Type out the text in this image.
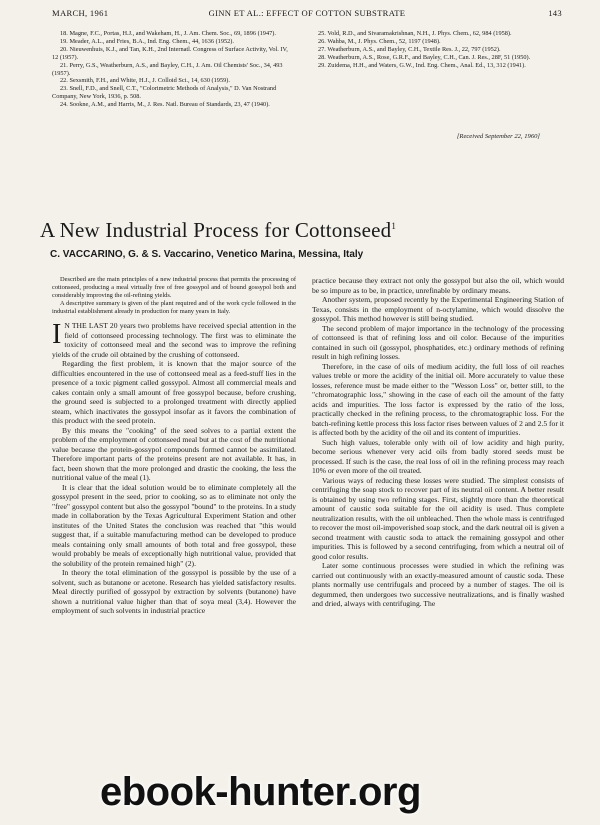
MARCH, 1961	GINN ET AL.: EFFECT OF COTTON SUBSTRATE	143

18. Magne, F.C., Portas, H.J., and Wakeham, H., J. Am. Chem. Soc., 69, 1896 (1947).

19. Meader, A.L., and Fries, B.A., Ind. Eng. Chem., 44, 1636 (1952).

20. Nieuwenhuis, K.J., and Tan, K.H., 2nd Internatl. Congress of Surface Activity, Vol. IV, 12 (1957).

21. Perry, G.S., Weatherburn, A.S., and Bayley, C.H., J. Am. Oil Chemists' Soc., 34, 493 (1957).

22. Sexsmith, F.H., and White, H.J., J. Colloid Sci., 14, 630 (1959).

23. Snell, F.D., and Snell, C.T., "Colorimetric Methods of Analysis," D. Van Nostrand Company, New York, 1936, p. 508.

24. Sookne, A.M., and Harris, M., J. Res. Natl. Bureau of Standards, 23, 47 (1940).

25. Vold, R.D., and Sivaramakrishnan, N.H., J. Phys. Chem., 62, 984 (1958).

26. Wahba, M., J. Phys. Chem., 52, 1197 (1948).

27. Weatherburn, A.S., and Bayley, C.H., Textile Res. J., 22, 797 (1952).

28. Weatherburn, A.S., Rose, G.R.F., and Bayley, C.H., Can. J. Res., 28F, 51 (1950).

29. Zuidema, H.H., and Waters, G.W., Ind. Eng. Chem., Anal. Ed., 13, 312 (1941).

[Received September 22, 1960]
A New Industrial Process for Cottonseed$^1$
C. VACCARINO, G. & S. Vaccarino, Venetico Marina, Messina, Italy

Described are the main principles of a new industrial process that permits the processing of cottonseed, producing a meal virtually free of free gossypol and of bound gossypol both and considerably improving the oil-refining yields.

A descriptive summary is given of the plant required and of the work cycle followed in the industrial establishment already in production for many years in Italy.

I N THE LAST 20 years two problems have received special attention in the field of cottonseed processing technology. The first was to eliminate the toxicity of cottonseed meal and the second was to improve the refining yields of the crude oil obtained by the crushing of cottonseed.

Regarding the first problem, it is known that the major source of the difficulties encountered in the use of cottonseed meal as a feed-stuff lies in the presence of a toxic pigment called gossypol. Almost all commercial meals and cakes contain only a small amount of free gossypol because, before crushing, the ground seed is subjected to a prolonged treatment with directly applied steam, which inactivates the gossypol insofar as it favors the combination of this product with the seed protein.

By this means the "cooking" of the seed solves to a partial extent the problem of the employment of cottonseed meal but at the cost of the nutritional value because the protein-gossypol compounds formed cannot be assimilated. Therefore important parts of the proteins present are not available. It has, in fact, been shown that the more prolonged and drastic the cooking, the less the nutritional value of the meal (1).

It is clear that the ideal solution would be to eliminate completely all the gossypol present in the seed, prior to cooking, so as to eliminate not only the "free" gossypol content but also the gossypol "bound" to the proteins. In a study made in collaboration by the Texas Agricultural Experiment Station and other institutes of the United States the conclusion was reached that "this would suggest that, if a suitable manufacturing method can be developed to produce meals containing only small amounts of both total and free gossypol, these would probably be meals of exceptionally high nutritional value, provided that the solubility of the protein remained high" (2).

In theory the total elimination of the gossypol is possible by the use of a solvent, such as butanone or acetone. Research has yielded satisfactory results. Meal directly purified of gossypol by extraction by solvents (butanone) have shown a nutritional value higher than that of soya meal (3,4). However the employment of such solvents in industrial practice

practice because they extract not only the gossypol but also the oil, which would be so impure as to be, in practice, unrefinable by ordinary means.

Another system, proposed recently by the Experimental Engineering Station of Texas, consists in the employment of n-octylamine, which would dissolve the gossypol. This method however is still being studied.

The second problem of major importance in the technology of the processing of cottonseed is that of refining loss and oil color. Because of the impurities contained in such oil (gossypol, phosphatides, etc.) ordinary methods of refining result in high refining losses.

Therefore, in the case of oils of medium acidity, the full loss of oil reaches values treble or more the acidity of the initial oil. More accurately to value these losses, reference must be made either to the "Wesson Loss" or, better still, to the "chromatographic loss," showing in the case of each oil the amount of the fatty acids and impurities. The loss factor is expressed by the ratio of the loss, practically checked in the refining process, to the chromatographic loss. For the batch-refining kettle process this loss factor rises between values of 2 and 2.5 for it is affected both by the acidity of the oil and its content of impurities.

Such high values, tolerable only with oil of low acidity and high purity, become serious whenever very acid oils from badly stored seeds must be processed. If such is the case, the real loss of oil in the refining process may reach 10% or even more of the oil treated.

Various ways of reducing these losses were studied. The simplest consists of centrifuging the soap stock to recover part of its neutral oil content. A better result is obtained by using two refining stages. First, slightly more than the theoretical amount of caustic soda suitable for the oil acidity is used. Thus complete neutralization results, with the oil unbleached. Then the whole mass is centrifuged to recover the most oil-impoverished soap stock, and the dark neutral oil is given a second treatment with caustic soda to attack the remaining gossypol and other impurities. This is followed by a second centrifuging, from which a neutral oil of good color results.

Later some continuous processes were studied in which the refining was carried out continuously with an exactly-measured amount of caustic soda. These plants normally use centrifugals and proceed by a number of stages. The oil is degummed, then undergoes two successive neutralizations, and is finally washed and dried, always with centrifuging. The

ebook-hunter.org
